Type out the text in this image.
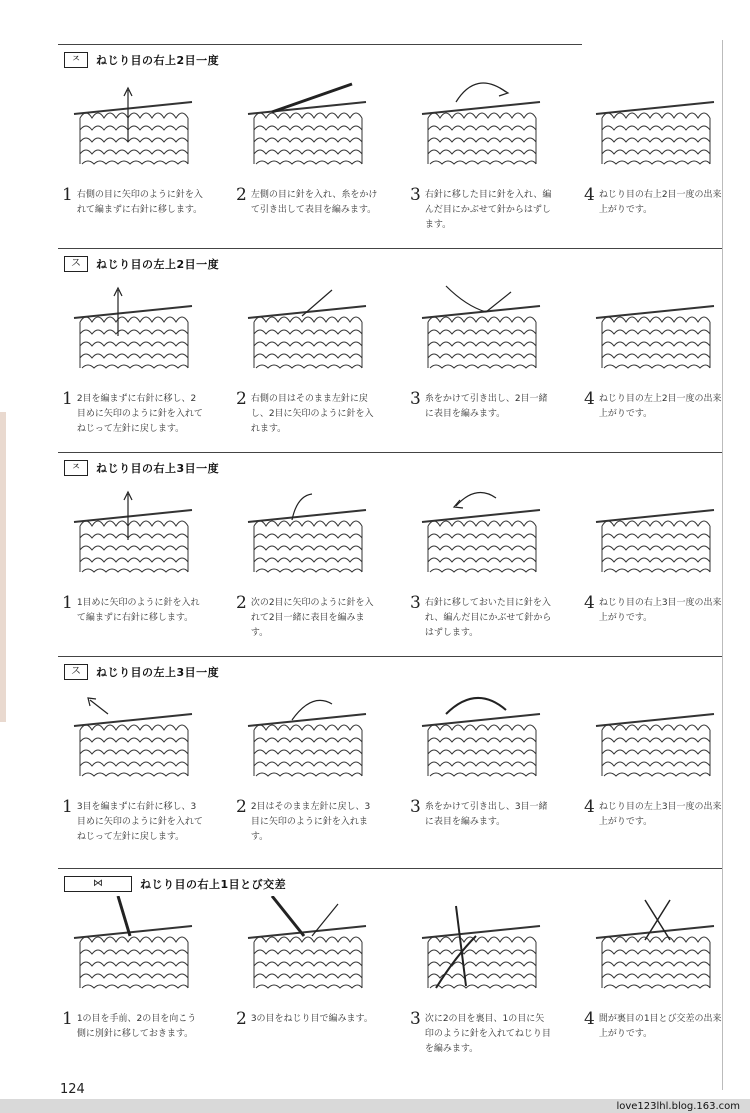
ㅈ	ねじり目の右上2目一度
1 右側の目に矢印のように針を入れて編まずに右針に移します。
2 左側の目に針を入れ、糸をかけて引き出して表目を編みます。
3 右針に移した目に針を入れ、編んだ目にかぶせて針からはずします。
4 ねじり目の右上2目一度の出来上がりです。
ス	ねじり目の左上2目一度
1 2目を編まずに右針に移し、2目めに矢印のように針を入れてねじって左針に戻します。
2 右側の目はそのまま左針に戻し、2目に矢印のように針を入れます。
3 糸をかけて引き出し、2目一緒に表目を編みます。
4 ねじり目の左上2目一度の出来上がりです。
ㅈ	ねじり目の右上3目一度
1 1目めに矢印のように針を入れて編まずに右針に移します。
2 次の2目に矢印のように針を入れて2目一緒に表目を編みます。
3 右針に移しておいた目に針を入れ、編んだ目にかぶせて針からはずします。
4 ねじり目の右上3目一度の出来上がりです。
ス	ねじり目の左上3目一度
1 3目を編まずに右針に移し、3目めに矢印のように針を入れてねじって左針に戻します。
2 2目はそのまま左針に戻し、3目に矢印のように針を入れます。
3 糸をかけて引き出し、3目一緒に表目を編みます。
4 ねじり目の左上3目一度の出来上がりです。
⋈	ねじり目の右上1目とび交差
1 1の目を手前、2の目を向こう側に別針に移しておきます。
2 3の目をねじり目で編みます。	3 次に2の目を裏目、1の目に矢印のように針を入れてねじり目を編みます。
4 間が裏目の1目とび交差の出来上がりです。
124
love123lhl.blog.163.com
